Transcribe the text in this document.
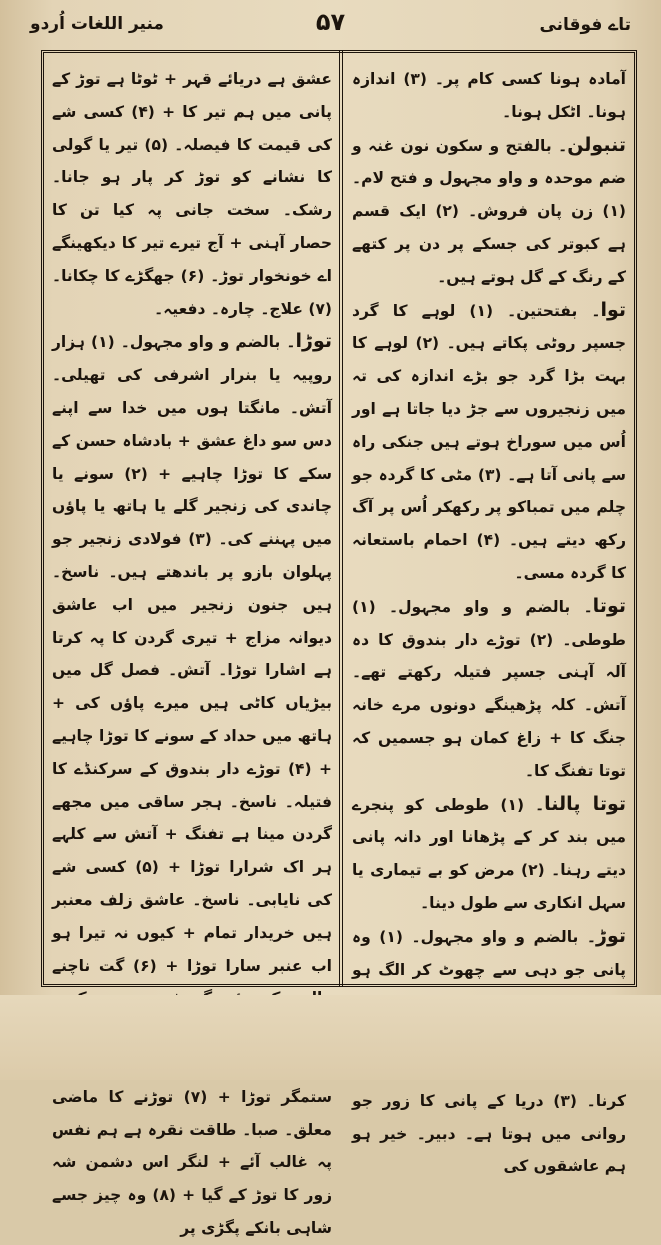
تاے فوقانی
۵۷
منیر اللغات اُردو

آمادہ ہونا کسی کام پر۔ (۳) اندازہ ہونا۔ اٹکل ہونا۔

تنبولن۔ بالفتح و سکون نون غنہ و ضم موحدہ و واو مجہول و فتح لام۔ (۱) زن پان فروش۔ (۲) ایک قسم ہے کبوتر کی جسکے پر دن پر کتھے کے رنگ کے گل ہوتے ہیں۔

توا۔ بفتحتین۔ (۱) لوہے کا گرد جسپر روٹی پکاتے ہیں۔ (۲) لوہے کا بہت بڑا گرد جو بڑے اندازہ کی تہ میں زنجیروں سے جڑ دیا جاتا ہے اور اُس میں سوراخ ہوتے ہیں جنکی راہ سے پانی آتا ہے۔ (۳) مٹی کا گردہ جو چلم میں تمباکو پر رکھکر اُس پر آگ رکھ دیتے ہیں۔ (۴) احمام باستعانہ کا گردہ مسی۔

توتا۔ بالضم و واو مجہول۔ (۱) طوطی۔ (۲) توڑے دار بندوق کا دہ آلہ آہنی جسپر فتیلہ رکھتے تھے۔ آتش۔ کلہ پڑھینگے دونوں مرے خانہ جنگ کا + زاغ کمان ہو جسمیں کہ توتا تفنگ کا۔

توتا پالنا۔ (۱) طوطی کو پنجرے میں بند کر کے پڑھانا اور دانہ پانی دیتے رہنا۔ (۲) مرض کو بے تیماری یا سہل انکاری سے طول دینا۔

توڑ۔ بالضم و واو مجہول۔ (۱) وہ پانی جو دہی سے چھوٹ کر الگ ہو کرنا۔ (۳) دریا کے پانی کا زور جو روانی میں ہوتا ہے۔ دبیر۔ خیر ہو ہم عاشقوں کی

عشق ہے دریائے قہر + ٹوٹا ہے توڑ کے پانی میں ہم تیر کا + (۴) کسی شے کی قیمت کا فیصلہ۔ (۵) تیر یا گولی کا نشانے کو توڑ کر پار ہو جانا۔ رشک۔ سخت جانی پہ کیا تن کا حصار آہنی + آج تیرے تیر کا دیکھینگے اے خونخوار توڑ۔ (۶) جھگڑے کا چکانا۔ (۷) علاج۔ چارہ۔ دفعیہ۔

توڑا۔ بالضم و واو مجہول۔ (۱) ہزار روپیہ یا بنرار اشرفی کی تھیلی۔ آتش۔ مانگتا ہوں میں خدا سے اپنے دس سو داغ عشق + بادشاہ حسن کے سکے کا توڑا چاہیے + (۲) سونے یا چاندی کی زنجیر گلے یا ہاتھ یا پاؤں میں پہننے کی۔ (۳) فولادی زنجیر جو پہلوان بازو پر باندھتے ہیں۔ ناسخ۔ ہیں جنون زنجیر میں اب عاشق دیوانہ مزاج + تیری گردن کا پہ کرتا ہے اشارا توڑا۔ آتش۔ فصل گل میں بیڑیاں کاٹی ہیں میرے پاؤں کی + ہاتھ میں حداد کے سونے کا توڑا چاہیے + (۴) توڑے دار بندوق کے سرکنڈے کا فتیلہ۔ ناسخ۔ ہجر ساقی میں مجھے گردن مینا ہے تفنگ + آتش سے کلہے ہر اک شرارا توڑا + (۵) کسی شے کی نایابی۔ ناسخ۔ عاشق زلف معنبر ہیں خریدار تمام + کیوں نہ تیرا ہو اب عنبر سارا توڑا + (۶) گت ناچنے ستمگر توڑا + (۷) توڑنے کا ماضی معلق۔ صبا۔ طاقت نقرہ ہے ہم نفس پہ غالب آئے + لنگر اس دشمن شہ زور کا توڑ کے گیا + (۸) وہ چیز جسے شاہی بانکے پگڑی پر
